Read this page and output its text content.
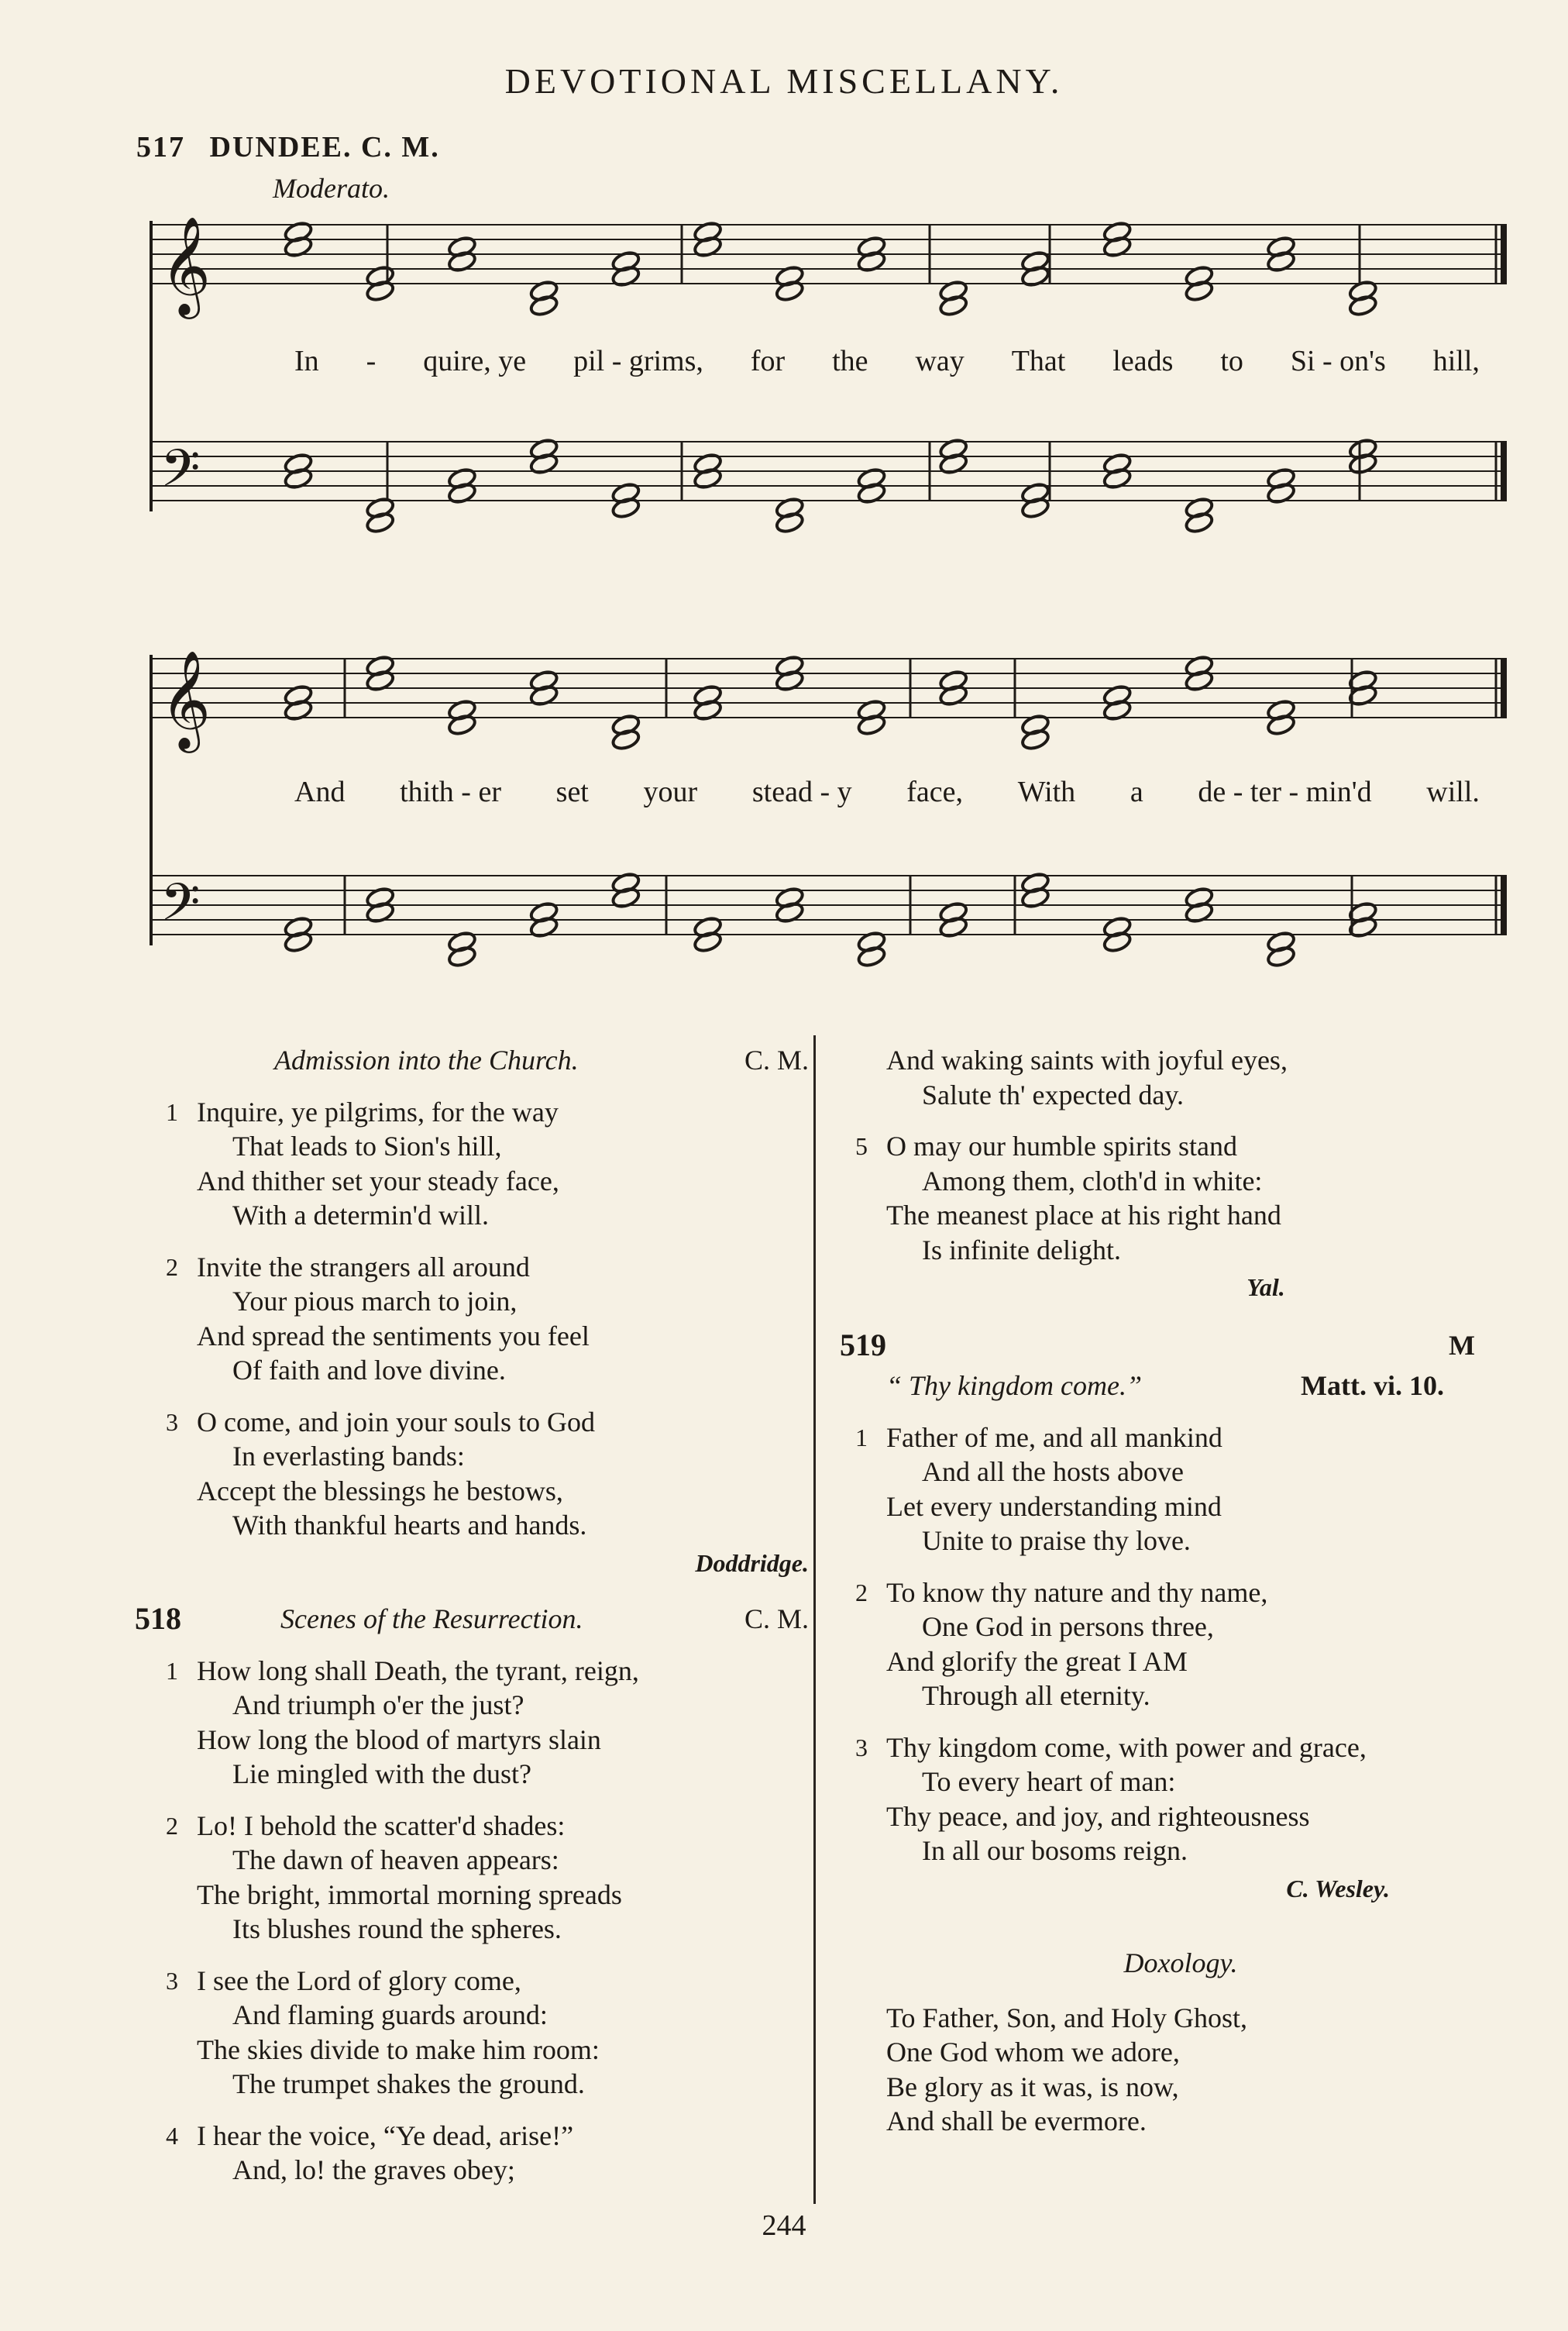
DEVOTIONAL MISCELLANY.
517 DUNDEE. C. M.
Moderato.
𝄞
𝄢
𝄞
𝄢
In - quire, ye pil - grims, for the way That leads to Si - on's hill,
And thith - er set your stead - y face, With a de - ter - min'd will.
Admission into the Church.	C. M.
1 Inquire, ye pilgrims, for the way
That leads to Sion's hill,
And thither set your steady face,
With a determin'd will.
2 Invite the strangers all around
Your pious march to join,
And spread the sentiments you feel
Of faith and love divine.
3 O come, and join your souls to God
In everlasting bands:
Accept the blessings he bestows,
With thankful hearts and hands.
Doddridge.
518	Scenes of the Resurrection.	C. M.
1 How long shall Death, the tyrant, reign,
And triumph o'er the just?
How long the blood of martyrs slain
Lie mingled with the dust?
2 Lo! I behold the scatter'd shades:
The dawn of heaven appears:
The bright, immortal morning spreads
Its blushes round the spheres.
3 I see the Lord of glory come,
And flaming guards around:
The skies divide to make him room:
The trumpet shakes the ground.
4 I hear the voice, “Ye dead, arise!”
And, lo! the graves obey;
And waking saints with joyful eyes,
Salute th' expected day.
5 O may our humble spirits stand
Among them, cloth'd in white:
The meanest place at his right hand
Is infinite delight.
Yal.
519	M
“ Thy kingdom come.”	Matt. vi. 10.
1 Father of me, and all mankind
And all the hosts above
Let every understanding mind
Unite to praise thy love.
2 To know thy nature and thy name,
One God in persons three,
And glorify the great I AM
Through all eternity.
3 Thy kingdom come, with power and grace,
To every heart of man:
Thy peace, and joy, and righteousness
In all our bosoms reign.
C. Wesley.
Doxology.
To Father, Son, and Holy Ghost,
One God whom we adore,
Be glory as it was, is now,
And shall be evermore.
244
